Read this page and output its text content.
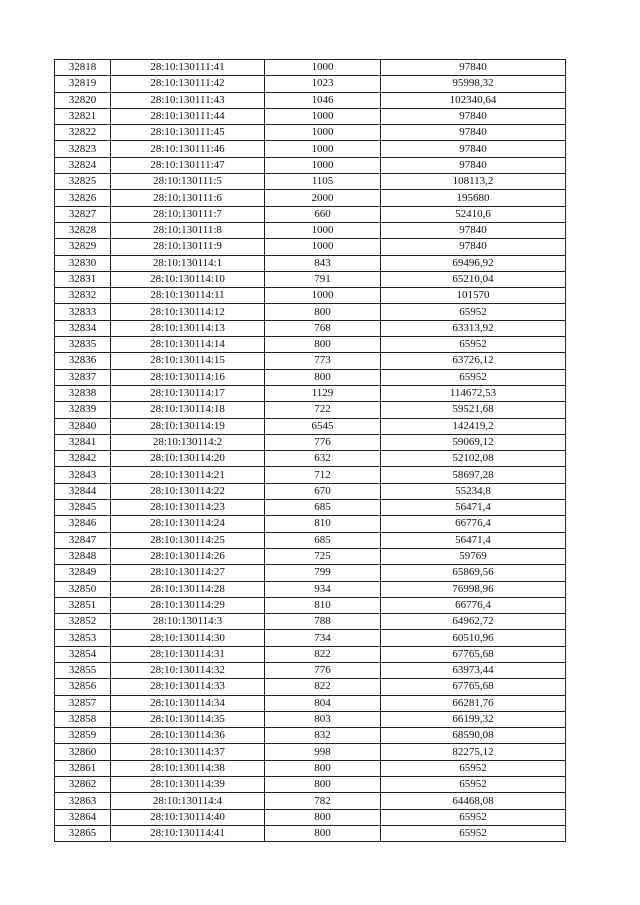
32818	28:10:130111:41	1000	97840
32819	28:10:130111:42	1023	95998,32
32820	28:10:130111:43	1046	102340,64
32821	28:10:130111:44	1000	97840
32822	28:10:130111:45	1000	97840
32823	28:10:130111:46	1000	97840
32824	28:10:130111:47	1000	97840
32825	28:10:130111:5	1105	108113,2
32826	28:10:130111:6	2000	195680
32827	28:10:130111:7	660	52410,6
32828	28:10:130111:8	1000	97840
32829	28:10:130111:9	1000	97840
32830	28:10:130114:1	843	69496,92
32831	28:10:130114:10	791	65210,04
32832	28:10:130114:11	1000	101570
32833	28:10:130114:12	800	65952
32834	28:10:130114:13	768	63313,92
32835	28:10:130114:14	800	65952
32836	28:10:130114:15	773	63726,12
32837	28:10:130114:16	800	65952
32838	28:10:130114:17	1129	114672,53
32839	28:10:130114:18	722	59521,68
32840	28:10:130114:19	6545	142419,2
32841	28:10:130114:2	776	59069,12
32842	28:10:130114:20	632	52102,08
32843	28:10:130114:21	712	58697,28
32844	28:10:130114:22	670	55234,8
32845	28:10:130114:23	685	56471,4
32846	28:10:130114:24	810	66776,4
32847	28:10:130114:25	685	56471,4
32848	28:10:130114:26	725	59769
32849	28:10:130114:27	799	65869,56
32850	28:10:130114:28	934	76998,96
32851	28:10:130114:29	810	66776,4
32852	28:10:130114:3	788	64962,72
32853	28:10:130114:30	734	60510,96
32854	28:10:130114:31	822	67765,68
32855	28:10:130114:32	776	63973,44
32856	28:10:130114:33	822	67765,68
32857	28:10:130114:34	804	66281,76
32858	28:10:130114:35	803	66199,32
32859	28:10:130114:36	832	68590,08
32860	28:10:130114:37	998	82275,12
32861	28:10:130114:38	800	65952
32862	28:10:130114:39	800	65952
32863	28:10:130114:4	782	64468,08
32864	28:10:130114:40	800	65952
32865	28:10:130114:41	800	65952
